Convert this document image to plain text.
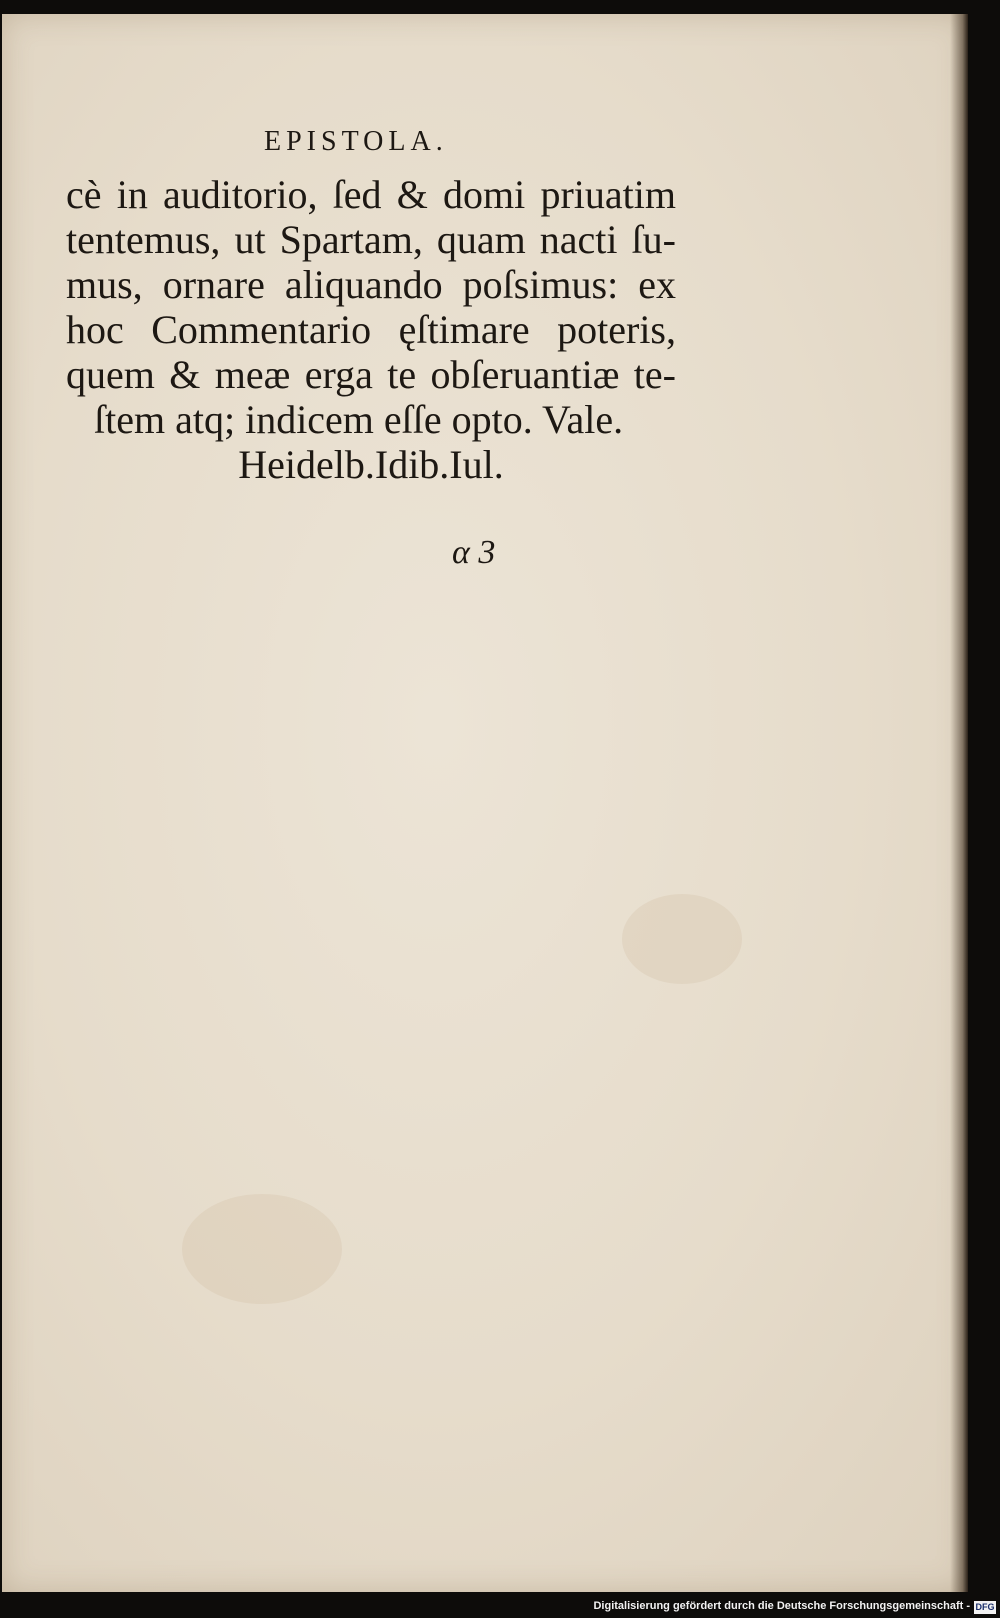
EPISTOLA.
cè in auditorio, ſed & domi priuatim
tentemus, ut Spartam, quam nacti ſu-
mus, ornare aliquando poſsimus: ex
hoc Commentario ęſtimare poteris,
quem & meæ erga te obſeruantiæ te-
ſtem atq; indicem eſſe opto. Vale.
Heidelb.Idib.Iul.
α 3
Digitalisierung gefördert durch die Deutsche Forschungsgemeinschaft - DFG
